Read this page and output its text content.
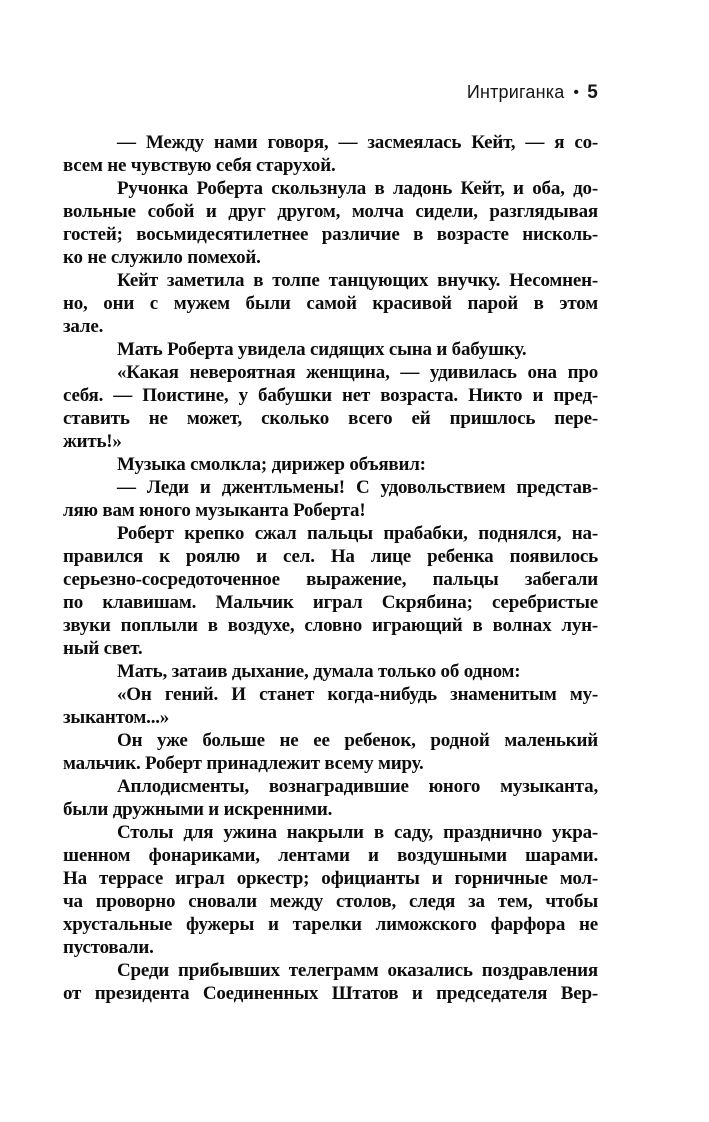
Интриганка • 5

— Между нами говоря, — засмеялась Кейт, — я со-
всем не чувствую себя старухой.

Ручонка Роберта скользнула в ладонь Кейт, и оба, до-
вольные собой и друг другом, молча сидели, разглядывая
гостей; восьмидесятилетнее различие в возрасте нисколь-
ко не служило помехой.

Кейт заметила в толпе танцующих внучку. Несомнен-
но, они с мужем были самой красивой парой в этом
зале.

Мать Роберта увидела сидящих сына и бабушку.

«Какая невероятная женщина, — удивилась она про
себя. — Поистине, у бабушки нет возраста. Никто и пред-
ставить не может, сколько всего ей пришлось пере-
жить!»

Музыка смолкла; дирижер объявил:

— Леди и джентльмены! С удовольствием представ-
ляю вам юного музыканта Роберта!

Роберт крепко сжал пальцы прабабки, поднялся, на-
правился к роялю и сел. На лице ребенка появилось
серьезно-сосредоточенное выражение, пальцы забегали
по клавишам. Мальчик играл Скрябина; серебристые
звуки поплыли в воздухе, словно играющий в волнах лун-
ный свет.

Мать, затаив дыхание, думала только об одном:

«Он гений. И станет когда-нибудь знаменитым му-
зыкантом...»

Он уже больше не ее ребенок, родной маленький
мальчик. Роберт принадлежит всему миру.

Аплодисменты, вознаградившие юного музыканта,
были дружными и искренними.

Столы для ужина накрыли в саду, празднично укра-
шенном фонариками, лентами и воздушными шарами.
На террасе играл оркестр; официанты и горничные мол-
ча проворно сновали между столов, следя за тем, чтобы
хрустальные фужеры и тарелки лиможского фарфора не
пустовали.

Среди прибывших телеграмм оказались поздравления
от президента Соединенных Штатов и председателя Вер-
